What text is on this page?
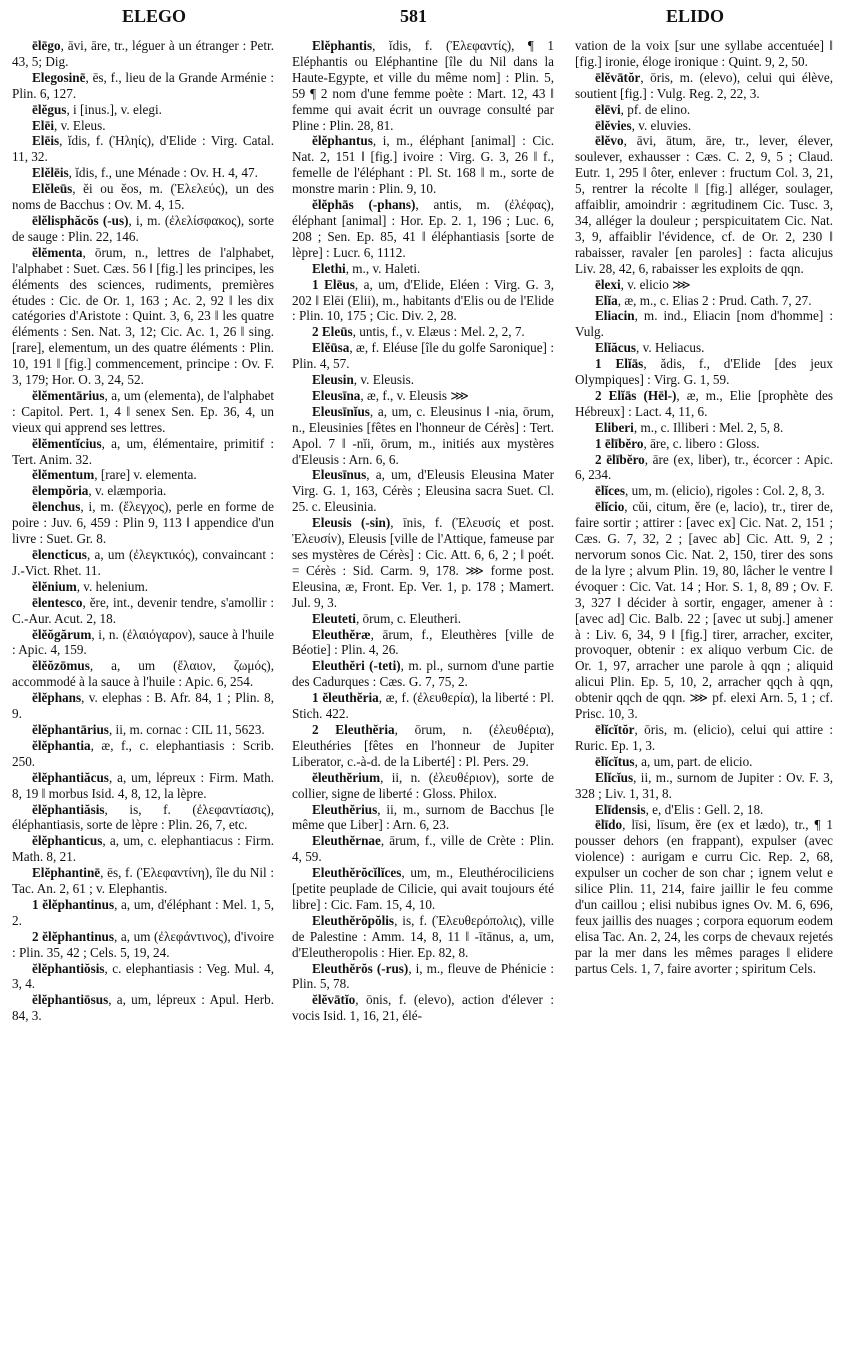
ELEGO	581	ELIDO

ēlēgo, āvi, āre, tr., léguer à un étranger : Petr. 43, 5; Dig.

Elegosinē, ēs, f., lieu de la Grande Arménie : Plin. 6, 127.

ēlĕgus, i [inus.], v. elegi.

Elēi, v. Eleus.

Elēis, ĭdis, f. (Ἠληίς), d'Elide : Virg. Catal. 11, 32.

Elĕlēis, ĭdis, f., une Ménade : Ov. H. 4, 47.

Elĕleūs, ĕi ou ĕos, m. (Ἐλελεύς), un des noms de Bacchus : Ov. M. 4, 15.

ēlĕlisphăcŏs (-us), i, m. (ἐλελίσφακος), sorte de sauge : Plin. 22, 146.

ĕlĕmenta, ōrum, n., lettres de l'alphabet, l'alphabet : Suet. Cæs. 56 ‖ [fig.] les principes, les éléments des sciences, rudiments, premières études : Cic. de Or. 1, 163 ; Ac. 2, 92 ‖ les dix catégories d'Aristote : Quint. 3, 6, 23 ‖ les quatre éléments : Sen. Nat. 3, 12; Cic. Ac. 1, 26 ‖ sing. [rare], elementum, un des quatre éléments : Plin. 10, 191 ‖ [fig.] commencement, principe : Ov. F. 3, 179; Hor. O. 3, 24, 52.

ĕlĕmentārius, a, um (elementa), de l'alphabet : Capitol. Pert. 1, 4 ‖ senex Sen. Ep. 36, 4, un vieux qui apprend ses lettres.

ĕlĕmentĭcius, a, um, élémentaire, primitif : Tert. Anim. 32.

ĕlĕmentum, [rare] v. elementa.

ēlempŏria, v. elæmporia.

ēlenchus, i, m. (ἔλεγχος), perle en forme de poire : Juv. 6, 459 : Plin 9, 113 ‖ appendice d'un livre : Suet. Gr. 8.

ēlencticus, a, um (ἐλεγκτικός), convaincant : J.-Vict. Rhet. 11.

ĕlĕnium, v. helenium.

ēlentesco, ĕre, int., devenir tendre, s'amollir : C.-Aur. Acut. 2, 18.

ĕlĕŏgărum, i, n. (ἐλαιόγαρον), sauce à l'huile : Apic. 4, 159.

ĕlĕŏzōmus, a, um (ἔλαιον, ζωμός), accommodé à la sauce à l'huile : Apic. 6, 254.

ĕlĕphans, v. elephas : B. Afr. 84, 1 ; Plin. 8, 9.

ĕlĕphantārius, ii, m. cornac : CIL 11, 5623.

ĕlĕphantia, æ, f., c. elephantiasis : Scrib. 250.

ĕlĕphantiăcus, a, um, lépreux : Firm. Math. 8, 19 ‖ morbus Isid. 4, 8, 12, la lèpre.

ĕlĕphantiăsis, is, f. (ἐλεφαντίασις), éléphantiasis, sorte de lèpre : Plin. 26, 7, etc.

ĕlĕphanticus, a, um, c. elephantiacus : Firm. Math. 8, 21.

Elĕphantinē, ēs, f. (Ἐλεφαντίνη), île du Nil : Tac. An. 2, 61 ; v. Elephantis.

1 ĕlĕphantinus, a, um, d'éléphant : Mel. 1, 5, 2.

2 ĕlĕphantinus, a, um (ἐλεφάντινος), d'ivoire : Plin. 35, 42 ; Cels. 5, 19, 24.

ĕlĕphantiŏsis, c. elephantiasis : Veg. Mul. 4, 3, 4.

ĕlĕphantiōsus, a, um, lépreux : Apul. Herb. 84, 3.

Elĕphantis, ĭdis, f. (Ἐλεφαντίς), ¶ 1 Eléphantis ou Eléphantine [île du Nil dans la Haute-Egypte, et ville du même nom] : Plin. 5, 59 ¶ 2 nom d'une femme poète : Mart. 12, 43 ‖ femme qui avait écrit un ouvrage consulté par Pline : Plin. 28, 81.

ĕlĕphantus, i, m., éléphant [animal] : Cic. Nat. 2, 151 ‖ [fig.] ivoire : Virg. G. 3, 26 ‖ f., femelle de l'éléphant : Pl. St. 168 ‖ m., sorte de monstre marin : Plin. 9, 10.

ĕlĕphās (-phans), antis, m. (ἐλέφας), éléphant [animal] : Hor. Ep. 2. 1, 196 ; Luc. 6, 208 ; Sen. Ep. 85, 41 ‖ éléphantiasis [sorte de lèpre] : Lucr. 6, 1112.

Elethi, m., v. Haleti.

1 Elēus, a, um, d'Elide, Eléen : Virg. G. 3, 202 ‖ Elēi (Elii), m., habitants d'Elis ou de l'Elide : Plin. 10, 175 ; Cic. Div. 2, 28.

2 Eleūs, untis, f., v. Elæus : Mel. 2, 2, 7.

Elĕūsa, æ, f. Eléuse [île du golfe Saronique] : Plin. 4, 57.

Eleusin, v. Eleusis.

Eleusīna, æ, f., v. Eleusis ⋙

Eleusīnĭus, a, um, c. Eleusinus ‖ -nia, ōrum, n., Eleusinies [fêtes en l'honneur de Cérès] : Tert. Apol. 7 ‖ -nĭi, ōrum, m., initiés aux mystères d'Eleusis : Arn. 6, 6.

Eleusīnus, a, um, d'Eleusis Eleusina Mater Virg. G. 1, 163, Cérès ; Eleusina sacra Suet. Cl. 25. c. Eleusinia.

Eleusis (-sin), īnis, f. (Ἐλευσίς et post. Ἐλευσίν), Eleusis [ville de l'Attique, fameuse par ses mystères de Cérès] : Cic. Att. 6, 6, 2 ; ‖ poét. = Cérès : Sid. Carm. 9, 178. ⋙ forme post. Eleusina, æ, Front. Ep. Ver. 1, p. 178 ; Mamert. Jul. 9, 3.

Eleuteti, ōrum, c. Eleutheri.

Eleuthĕræ, ārum, f., Eleuthères [ville de Béotie] : Plin. 4, 26.

Eleuthĕri (-teti), m. pl., surnom d'une partie des Cadurques : Cæs. G. 7, 75, 2.

1 ĕleuthĕria, æ, f. (ἐλευθερία), la liberté : Pl. Stich. 422.

2 Eleuthĕria, ōrum, n. (ἐλευθέρια), Eleuthéries [fêtes en l'honneur de Jupiter Liberator, c.-à-d. de la Liberté] : Pl. Pers. 29.

ĕleuthĕrium, ii, n. (ἐλευθέριον), sorte de collier, signe de liberté : Gloss. Philox.

Eleuthĕrius, ii, m., surnom de Bacchus [le même que Liber] : Arn. 6, 23.

Eleuthĕrnae, ārum, f., ville de Crète : Plin. 4, 59.

Eleuthĕrŏcĭlĭces, um, m., Eleuthérociliciens [petite peuplade de Cilicie, qui avait toujours été libre] : Cic. Fam. 15, 4, 10.

Eleuthĕrŏpŏlis, is, f. (Ἐλευθερόπολις), ville de Palestine : Amm. 14, 8, 11 ‖ -ītānus, a, um, d'Eleutheropolis : Hier. Ep. 82, 8.

Eleuthĕrŏs (-rus), i, m., fleuve de Phénicie : Plin. 5, 78.

ĕlĕvātĭo, ōnis, f. (elevo), action d'élever : vocis Isid. 1, 16, 21, élé-

vation de la voix [sur une syllabe accentuée] ‖ [fig.] ironie, éloge ironique : Quint. 9, 2, 50.

ēlĕvātŏr, ōris, m. (elevo), celui qui élève, soutient [fig.] : Vulg. Reg. 2, 22, 3.

ēlēvi, pf. de elino.

ēlĕvies, v. eluvies.

ēlĕvo, āvi, ātum, āre, tr., lever, élever, soulever, exhausser : Cæs. C. 2, 9, 5 ; Claud. Eutr. 1, 295 ‖ ôter, enlever : fructum Col. 3, 21, 5, rentrer la récolte ‖ [fig.] alléger, soulager, affaiblir, amoindrir : ægritudinem Cic. Tusc. 3, 34, alléger la douleur ; perspicuitatem Cic. Nat. 3, 9, affaiblir l'évidence, cf. de Or. 2, 230 ‖ rabaisser, ravaler [en paroles] : facta alicujus Liv. 28, 42, 6, rabaisser les exploits de qqn.

ēlexi, v. elicio ⋙

Elĭa, æ, m., c. Elias 2 : Prud. Cath. 7, 27.

Eliacin, m. ind., Eliacin [nom d'homme] : Vulg.

Elĭăcus, v. Heliacus.

1 Elĭās, ădis, f., d'Elide [des jeux Olympiques] : Virg. G. 1, 59.

2 Elĭās (Hēl-), æ, m., Elie [prophète des Hébreux] : Lact. 4, 11, 6.

Eliberi, m., c. Illiberi : Mel. 2, 5, 8.

1 ēlībĕro, āre, c. libero : Gloss.

2 ēlībĕro, āre (ex, liber), tr., écorcer : Apic. 6, 234.

ēlĭces, um, m. (elicio), rigoles : Col. 2, 8, 3.

ēlĭcio, cŭi, citum, ĕre (e, lacio), tr., tirer de, faire sortir ; attirer : [avec ex] Cic. Nat. 2, 151 ; Cæs. G. 7, 32, 2 ; [avec ab] Cic. Att. 9, 2 ; nervorum sonos Cic. Nat. 2, 150, tirer des sons de la lyre ; alvum Plin. 19, 80, lâcher le ventre ‖ évoquer : Cic. Vat. 14 ; Hor. S. 1, 8, 89 ; Ov. F. 3, 327 ‖ décider à sortir, engager, amener à : [avec ad] Cic. Balb. 22 ; [avec ut subj.] amener à : Liv. 6, 34, 9 ‖ [fig.] tirer, arracher, exciter, provoquer, obtenir : ex aliquo verbum Cic. de Or. 1, 97, arracher une parole à qqn ; aliquid alicui Plin. Ep. 5, 10, 2, arracher qqch à qqn, obtenir qqch de qqn. ⋙ pf. elexi Arn. 5, 1 ; cf. Prisc. 10, 3.

ēlĭcĭtŏr, ōris, m. (elicio), celui qui attire : Ruric. Ep. 1, 3.

ēlĭcĭtus, a, um, part. de elicio.

Elĭcĭus, ii, m., surnom de Jupiter : Ov. F. 3, 328 ; Liv. 1, 31, 8.

Elīdensis, e, d'Elis : Gell. 2, 18.

ēlīdo, līsi, līsum, ĕre (ex et lædo), tr., ¶ 1 pousser dehors (en frappant), expulser (avec violence) : aurigam e curru Cic. Rep. 2, 68, expulser un cocher de son char ; ignem velut e silice Plin. 11, 214, faire jaillir le feu comme d'un caillou ; elisi nubibus ignes Ov. M. 6, 696, feux jaillis des nuages ; corpora equorum eodem elisa Tac. An. 2, 24, les corps de chevaux rejetés par la mer dans les mêmes parages ‖ elidere partus Cels. 1, 7, faire avorter ; spiritum Cels.
